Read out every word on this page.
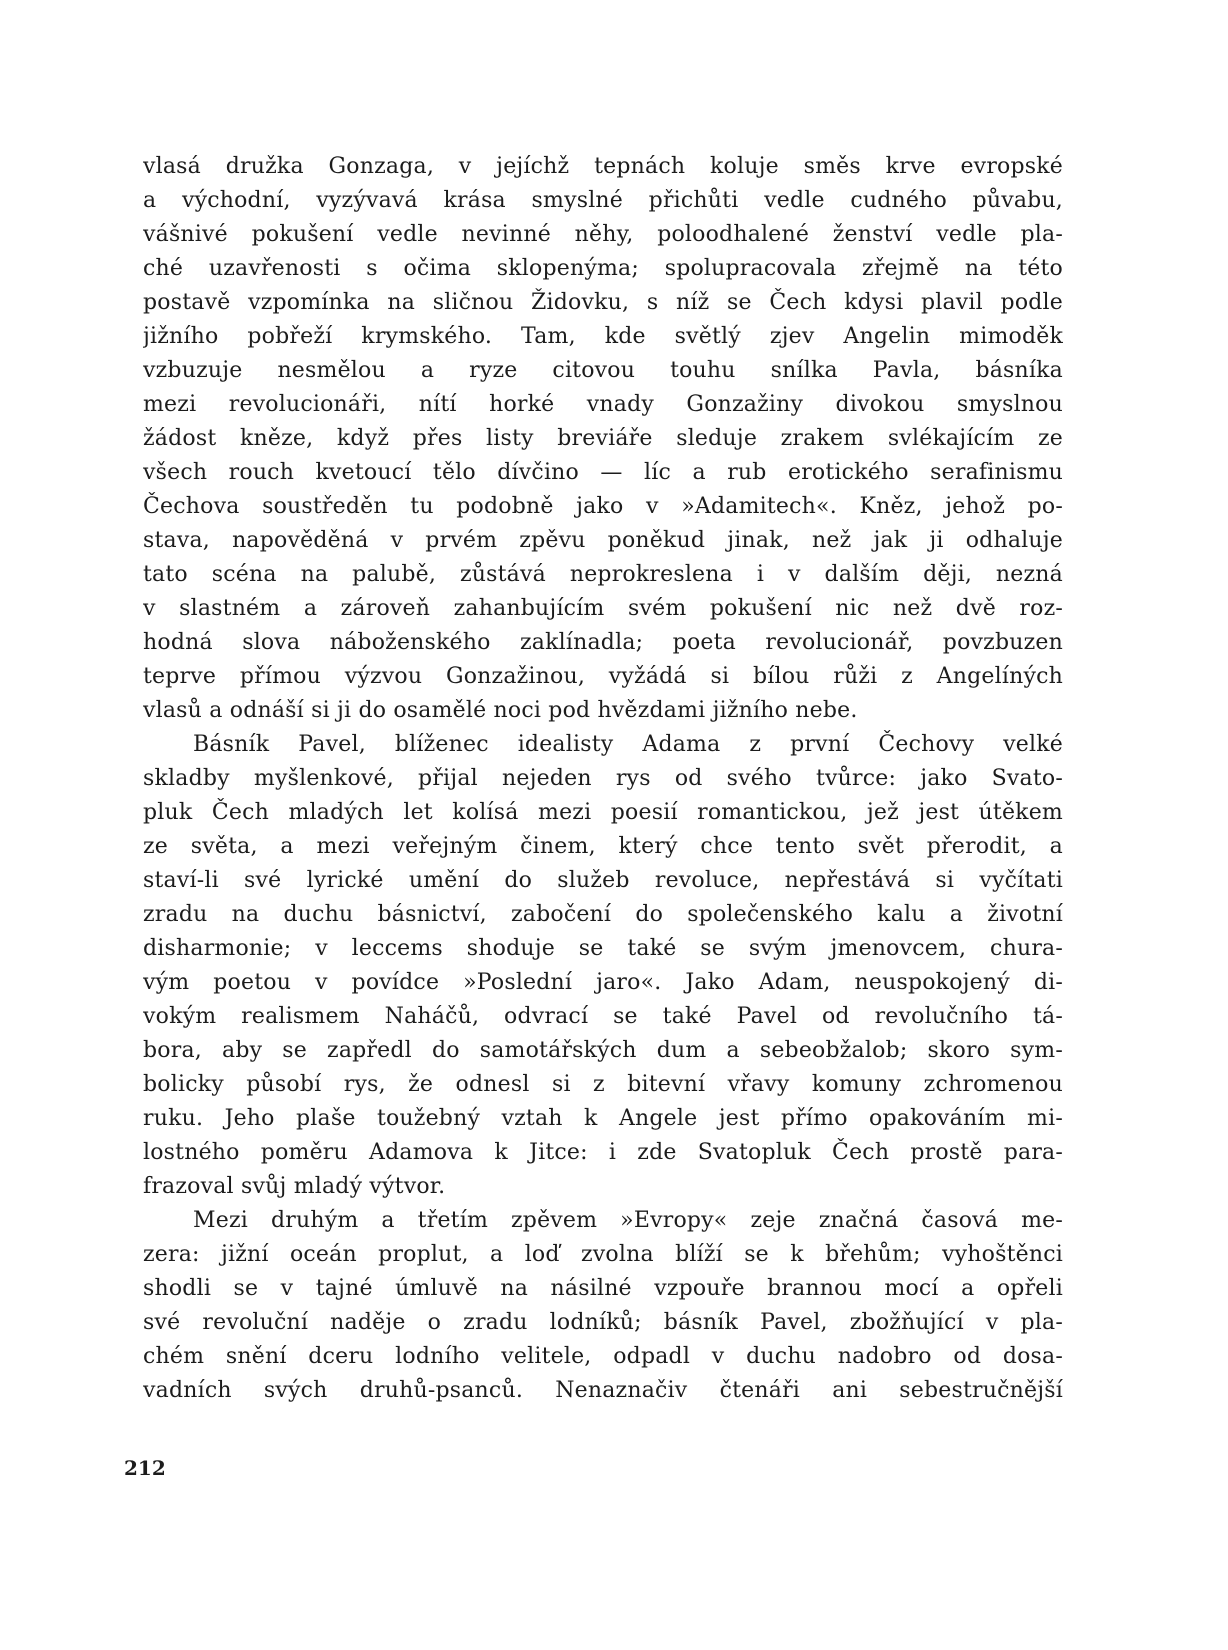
vlasá družka Gonzaga, v jejíchž tepnách koluje směs krve evropské
a východní, vyzývavá krása smyslné přichůti vedle cudného půvabu,
vášnivé pokušení vedle nevinné něhy, poloodhalené ženství vedle pla-
ché uzavřenosti s očima sklopenýma; spolupracovala zřejmě na této
postavě vzpomínka na sličnou Židovku, s níž se Čech kdysi plavil podle
jižního pobřeží krymského. Tam, kde světlý zjev Angelin mimoděk
vzbuzuje nesmělou a ryze citovou touhu snílka Pavla, básníka
mezi revolucionáři, nítí horké vnady Gonzažiny divokou smyslnou
žádost kněze, když přes listy breviáře sleduje zrakem svlékajícím ze
všech rouch kvetoucí tělo dívčino — líc a rub erotického serafinismu
Čechova soustředěn tu podobně jako v »Adamitech«. Kněz, jehož po-
stava, napověděná v prvém zpěvu poněkud jinak, než jak ji odhaluje
tato scéna na palubě, zůstává neprokreslena i v dalším ději, nezná
v slastném a zároveň zahanbujícím svém pokušení nic než dvě roz-
hodná slova náboženského zaklínadla; poeta revolucionář, povzbuzen
teprve přímou výzvou Gonzažinou, vyžádá si bílou růži z Angelíných
vlasů a odnáší si ji do osamělé noci pod hvězdami jižního nebe.
Básník Pavel, blíženec idealisty Adama z první Čechovy velké
skladby myšlenkové, přijal nejeden rys od svého tvůrce: jako Svato-
pluk Čech mladých let kolísá mezi poesií romantickou, jež jest útěkem
ze světa, a mezi veřejným činem, který chce tento svět přerodit, a
staví-li své lyrické umění do služeb revoluce, nepřestává si vyčítati
zradu na duchu básnictví, zabočení do společenského kalu a životní
disharmonie; v leccems shoduje se také se svým jmenovcem, chura-
vým poetou v povídce »Poslední jaro«. Jako Adam, neuspokojený di-
vokým realismem Naháčů, odvrací se také Pavel od revolučního tá-
bora, aby se zapředl do samotářských dum a sebeobžalob; skoro sym-
bolicky působí rys, že odnesl si z bitevní vřavy komuny zchromenou
ruku. Jeho plaše toužebný vztah k Angele jest přímo opakováním mi-
lostného poměru Adamova k Jitce: i zde Svatopluk Čech prostě para-
frazoval svůj mladý výtvor.
Mezi druhým a třetím zpěvem »Evropy« zeje značná časová me-
zera: jižní oceán proplut, a loď zvolna blíží se k břehům; vyhoštěnci
shodli se v tajné úmluvě na násilné vzpouře brannou mocí a opřeli
své revoluční naděje o zradu lodníků; básník Pavel, zbožňující v pla-
chém snění dceru lodního velitele, odpadl v duchu nadobro od dosa-
vadních svých druhů-psanců. Nenaznačiv čtenáři ani sebestručnější
212
